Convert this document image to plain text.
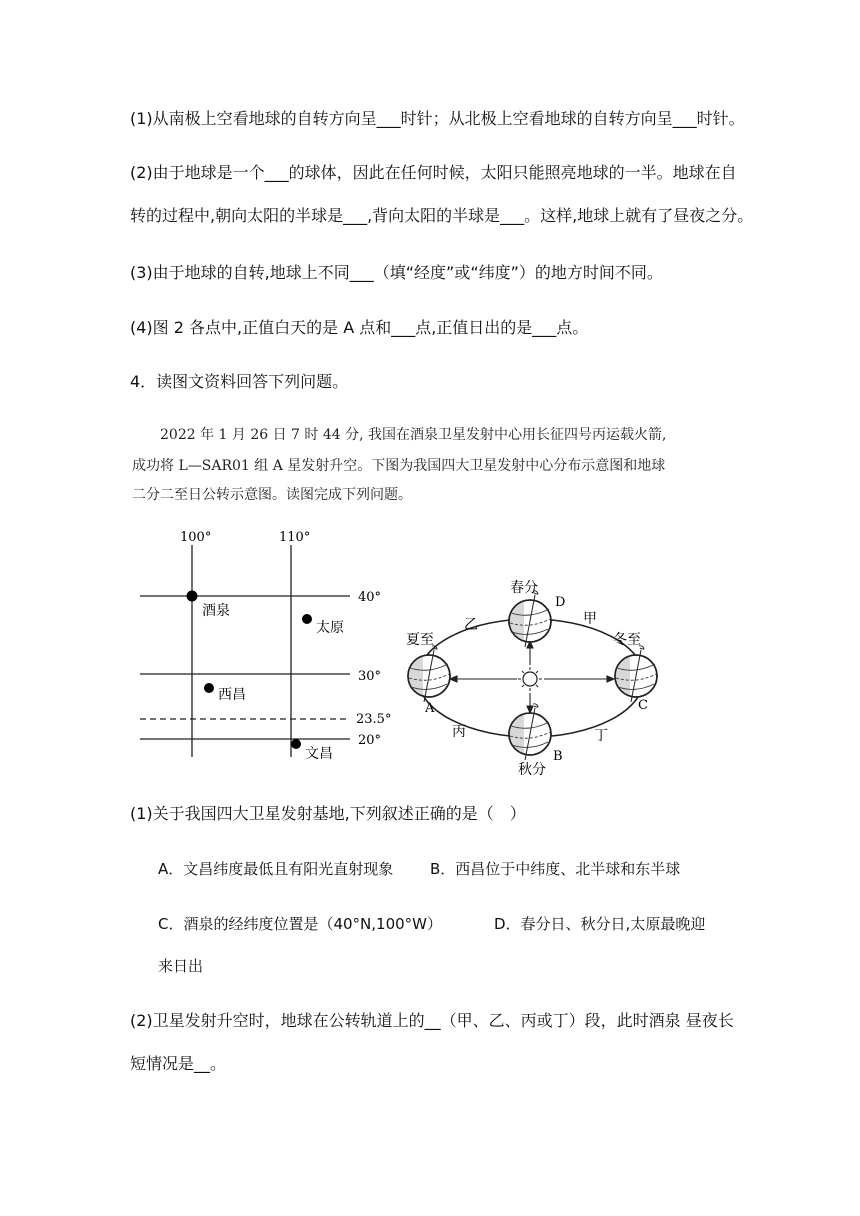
(1)从南极上空看地球的自转方向呈___时针；从北极上空看地球的自转方向呈___时针。
(2)由于地球是一个___的球体，因此在任何时候，太阳只能照亮地球的一半。地球在自
转的过程中,朝向太阳的半球是___,背向太阳的半球是___。这样,地球上就有了昼夜之分。
(3)由于地球的自转,地球上不同___（填“经度”或“纬度”）的地方时间不同。
(4)图 2 各点中,正值白天的是 A 点和___点,正值日出的是___点。
4．读图文资料回答下列问题。
2022 年 1 月 26 日 7 时 44 分, 我国在酒泉卫星发射中心用长征四号丙运载火箭,
成功将 L—SAR01 组 A 星发射升空。下图为我国四大卫星发射中心分布示意图和地球
二分二至日公转示意图。读图完成下列问题。
100°	110°
40°
30°
23.5°
20°
酒泉
太原
西昌
文昌
春分
D
夏至
A
冬至
C
秋分
B
乙	甲
丙	丁
(1)关于我国四大卫星发射基地,下列叙述正确的是（　）
A．文昌纬度最低且有阳光直射现象 B．西昌位于中纬度、北半球和东半球
C．酒泉的经纬度位置是（40°N,100°W）	D．春分日、秋分日,太原最晚迎
来日出
(2)卫星发射升空时，地球在公转轨道上的__（甲、乙、丙或丁）段，此时酒泉 昼夜长
短情况是__。
